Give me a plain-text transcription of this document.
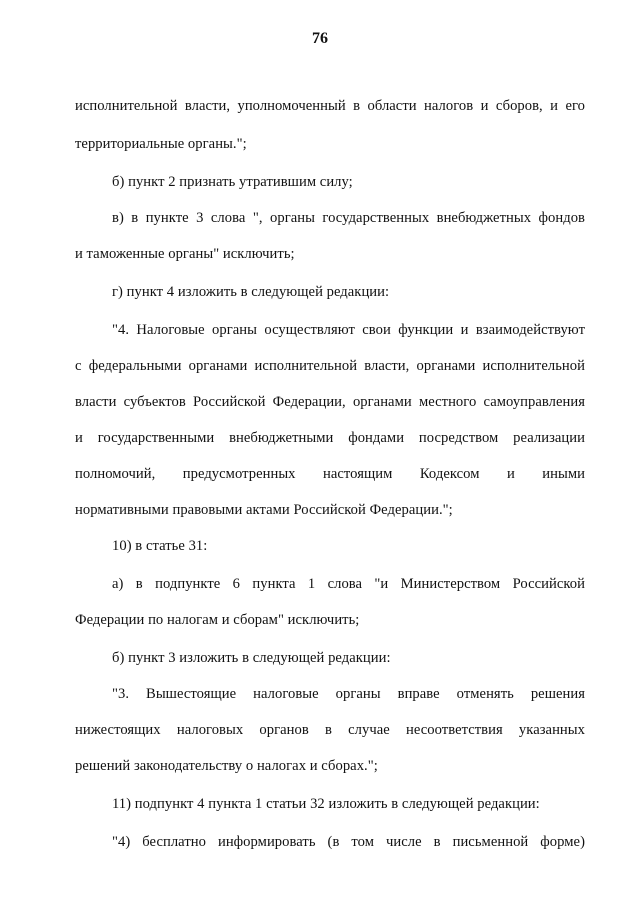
76
исполнительной власти, уполномоченный в области налогов и сборов, и его
территориальные органы.";
б) пункт 2 признать утратившим силу;
в) в пункте 3 слова ", органы государственных внебюджетных фондов
и таможенные органы" исключить;
г) пункт 4 изложить в следующей редакции:
"4. Налоговые органы осуществляют свои функции и взаимодействуют
с федеральными органами исполнительной власти, органами исполнительной
власти субъектов Российской Федерации, органами местного самоуправления
и государственными внебюджетными фондами посредством реализации
полномочий, предусмотренных настоящим Кодексом и иными
нормативными правовыми актами Российской Федерации.";
10) в статье 31:
а) в подпункте 6 пункта 1 слова "и Министерством Российской
Федерации по налогам и сборам" исключить;
б) пункт 3 изложить в следующей редакции:
"3. Вышестоящие налоговые органы вправе отменять решения
нижестоящих налоговых органов в случае несоответствия указанных
решений законодательству о налогах и сборах.";
11) подпункт 4 пункта 1 статьи 32 изложить в следующей редакции:
"4) бесплатно информировать (в том числе в письменной форме)
